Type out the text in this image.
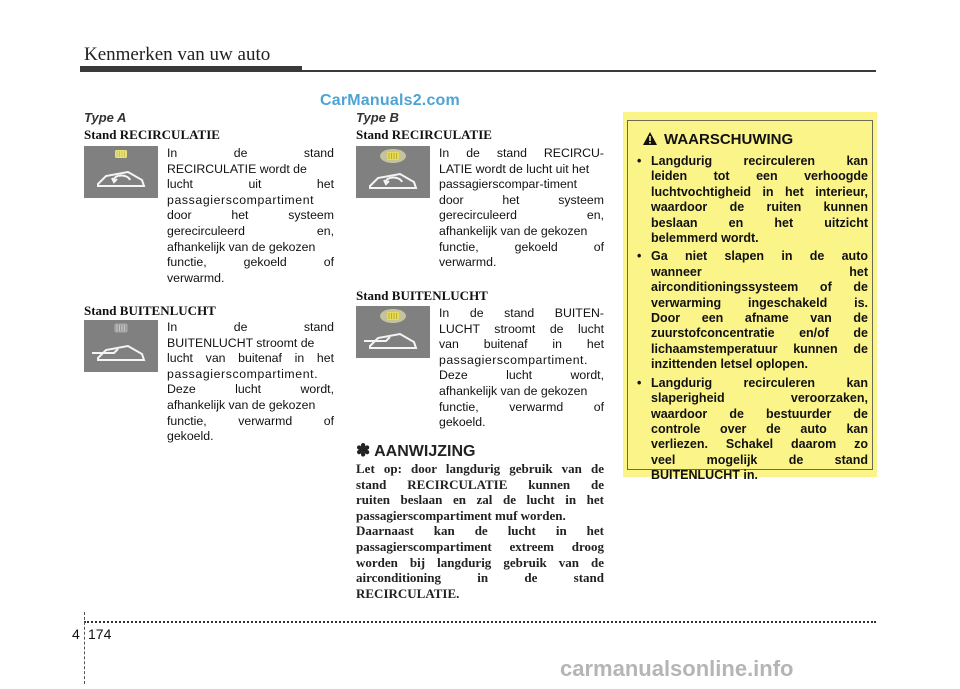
Kenmerken van uw auto
CarManuals2.com
Type A
Stand RECIRCULATIE
In de stand
RECIRCULATIE wordt de
lucht uit het
passagierscompartiment
door het systeem
gerecirculeerd en,
afhankelijk van de gekozen
functie, gekoeld of
verwarmd.
Stand BUITENLUCHT
In de stand
BUITENLUCHT stroomt de
lucht van buitenaf in het
passagierscompartiment.
Deze lucht wordt,
afhankelijk van de gekozen
functie, verwarmd of
gekoeld.
Type B
Stand RECIRCULATIE
In de stand RECIRCU-
LATIE wordt de lucht uit het
passagierscompar-timent
door het systeem
gerecirculeerd en,
afhankelijk van de gekozen
functie, gekoeld of
verwarmd.
Stand BUITENLUCHT
In de stand BUITEN-
LUCHT stroomt de lucht
van buitenaf in het
passagierscompartiment.
Deze lucht wordt,
afhankelijk van de gekozen
functie, verwarmd of
gekoeld.
✽ AANWIJZING
Let op: door langdurig gebruik van de
stand RECIRCULATIE kunnen de
ruiten beslaan en zal de lucht in het
passagierscompartiment muf worden.
Daarnaast kan de lucht in het
passagierscompartiment extreem droog
worden bij langdurig gebruik van de
airconditioning in de stand
RECIRCULATIE.
WAARSCHUWING
• Langdurig recirculeren kan
leiden tot een verhoogde
luchtvochtigheid in het interieur,
waardoor de ruiten kunnen
beslaan en het uitzicht
belemmerd wordt.
• Ga niet slapen in de auto
wanneer het
airconditioningssysteem of de
verwarming ingeschakeld is.
Door een afname van de
zuurstofconcentratie en/of de
lichaamstemperatuur kunnen de
inzittenden letsel oplopen.
• Langdurig recirculeren kan
slaperigheid veroorzaken,
waardoor de bestuurder de
controle over de auto kan
verliezen. Schakel daarom zo
veel mogelijk de stand
BUITENLUCHT in.
4 174
carmanualsonline.info
